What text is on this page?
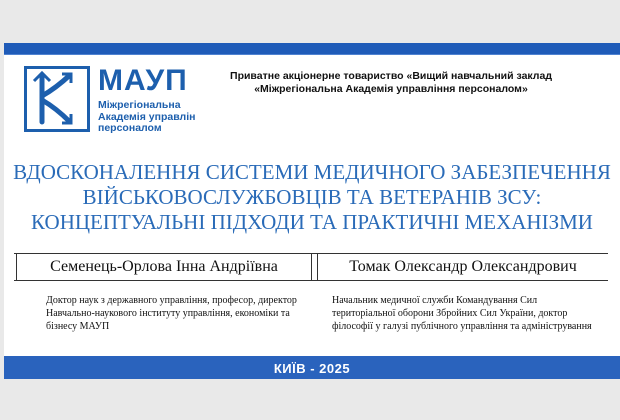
МАУП
Міжрегіональна
Академія управлін
персоналом
Приватне акціонерне товариство «Вищий навчальний заклад
«Міжрегіональна Академія управління персоналом»
ВДОСКОНАЛЕННЯ СИСТЕМИ МЕДИЧНОГО ЗАБЕЗПЕЧЕННЯ
ВІЙСЬКОВОСЛУЖБОВЦІВ ТА ВЕТЕРАНІВ ЗСУ:
КОНЦЕПТУАЛЬНІ ПІДХОДИ ТА ПРАКТИЧНІ МЕХАНІЗМИ
Семенець-Орлова Інна Андріївна	Томак Олександр Олександрович
Доктор наук з державного управління, професор, директор Навчально-наукового інституту управління, економіки та бізнесу МАУП
Начальник медичної служби Командування Сил територіальної оборони Збройних Сил України, доктор філософії у галузі публічного управління та адміністрування
КИЇВ - 2025
